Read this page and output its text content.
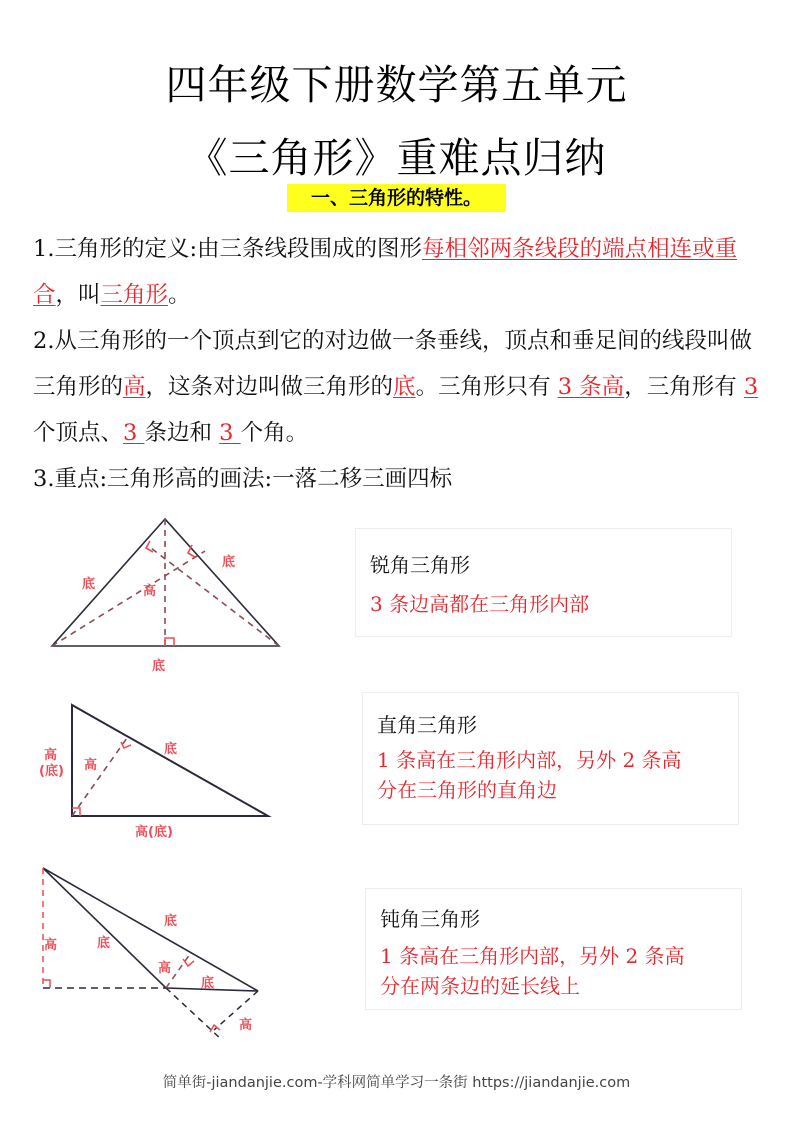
四年级下册数学第五单元
《三角形》重难点归纳
一、三角形的特性。
1.三角形的定义:由三条线段围成的图形每相邻两条线段的端点相连或重合，叫三角形。
2.从三角形的一个顶点到它的对边做一条垂线，顶点和垂足间的线段叫做三角形的高，这条对边叫做三角形的底。三角形只有 3 条高，三角形有 3 个顶点、3 条边和 3 个角。
3.重点:三角形高的画法:一落二移三画四标
底
底
高
底
高
(底) 高
底
高(底)
高	底
底
高
底
高
锐角三角形
3 条边高都在三角形内部
直角三角形
1 条高在三角形内部，另外 2 条高
分在三角形的直角边
钝角三角形
1 条高在三角形内部，另外 2 条高
分在两条边的延长线上
简单街-jiandanjie.com-学科网简单学习一条街 https://jiandanjie.com
